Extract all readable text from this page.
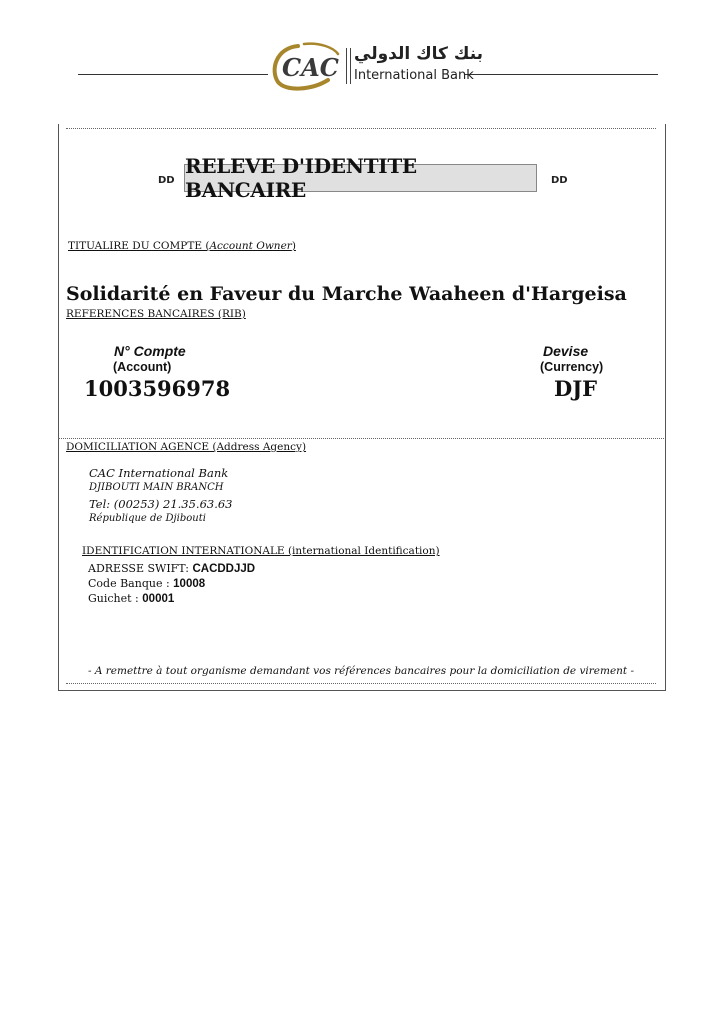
CAC بنك كاك الدولي
International Bank
DD
RELEVE D'IDENTITE BANCAIRE	DD
TITUALIRE DU COMPTE (Account Owner)
Solidarité en Faveur du Marche Waaheen d'Hargeisa
REFERENCES BANCAIRES (RIB)
N° Compte
(Account)
1003596978
Devise
(Currency)
DJF
DOMICILIATION AGENCE (Address Agency)
CAC International Bank
DJIBOUTI MAIN BRANCH
Tel: (00253) 21.35.63.63
République de Djibouti
IDENTIFICATION INTERNATIONALE (international Identification)
ADRESSE SWIFT: CACDDJJD
Code Banque : 10008
Guichet : 00001
- A remettre à tout organisme demandant vos références bancaires pour la domiciliation de virement -
